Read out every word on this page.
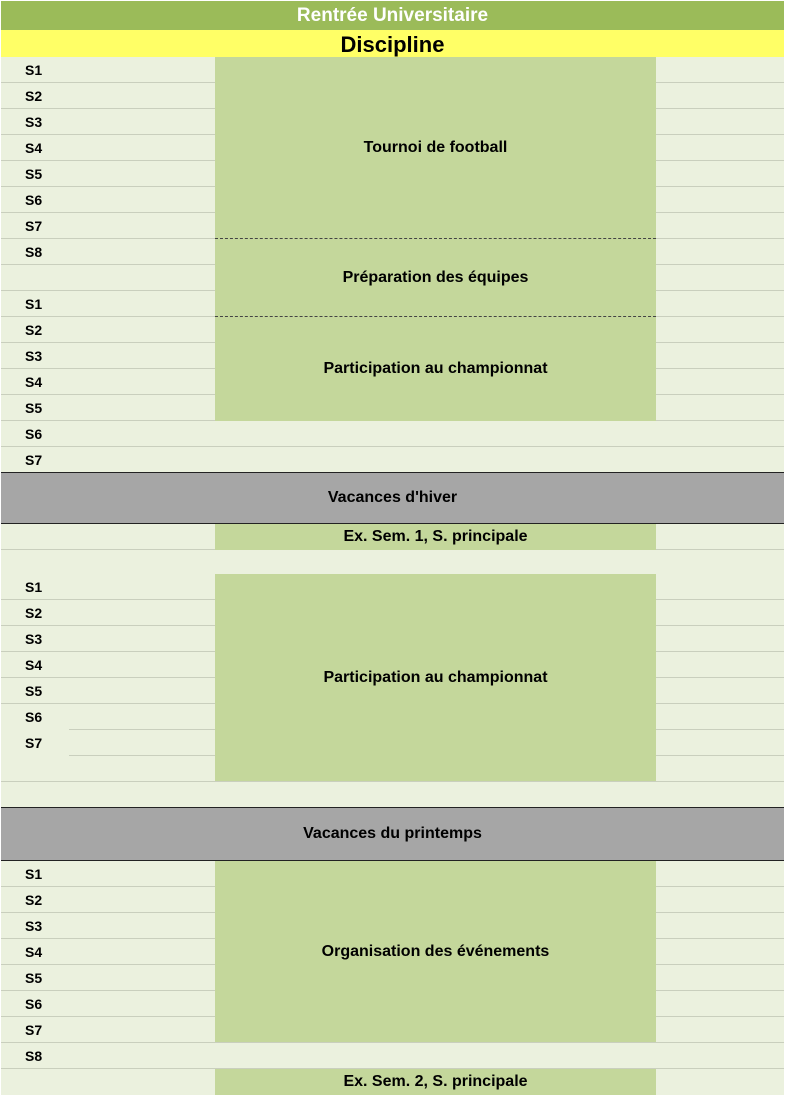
Rentrée Universitaire
Discipline
S1
S2
S3
S4
S5
S6
S7
S8
S1
S2
S3
S4
S5
S6
S7
Tournoi de football
Préparation des équipes
Participation au championnat
Vacances d'hiver
Ex. Sem. 1, S. principale
S1
S2
S3
S4
S5
S6
S7
Participation au championnat
Vacances du printemps
S1
S2
S3
S4
S5
S6
S7
S8
Organisation des événements
Ex. Sem. 2, S. principale
